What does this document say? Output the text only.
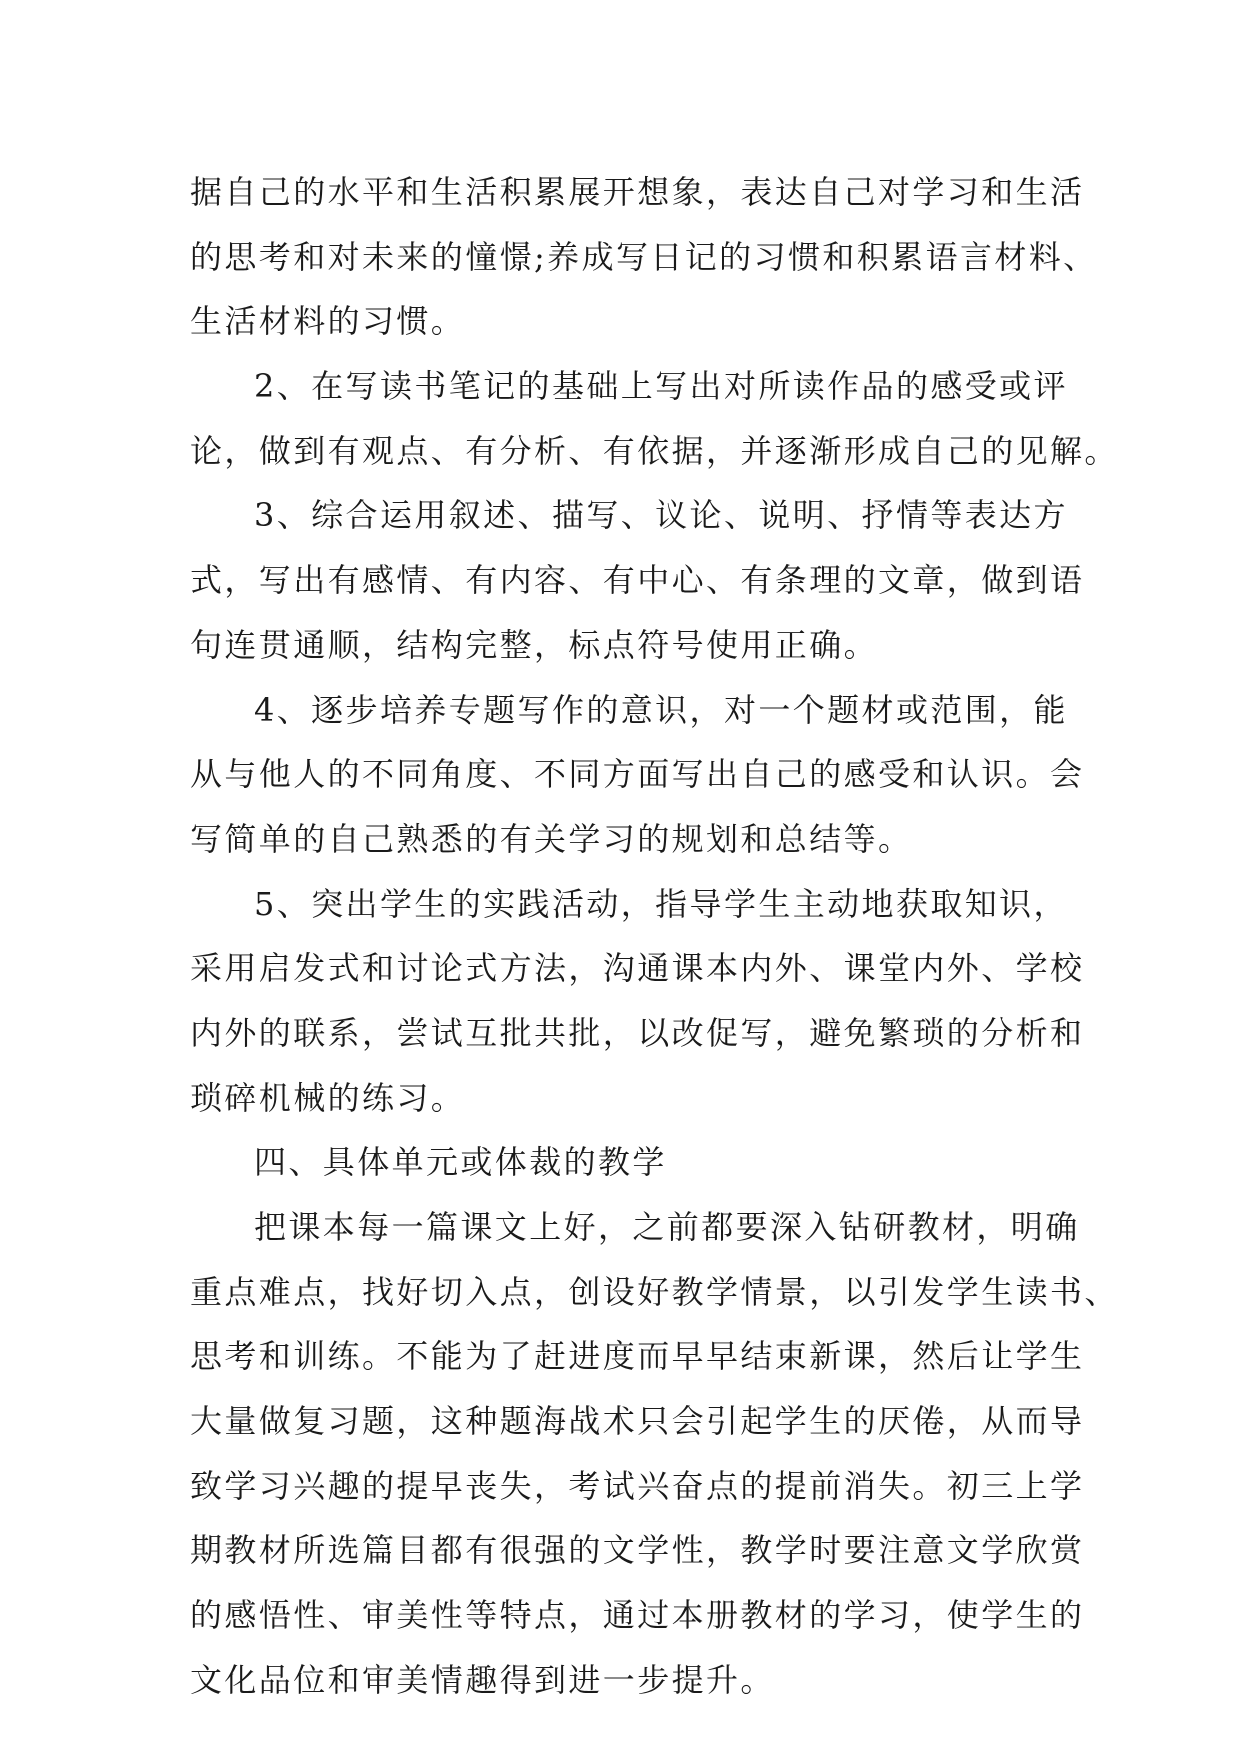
据自己的水平和生活积累展开想象，表达自己对学习和生活
的思考和对未来的憧憬;养成写日记的习惯和积累语言材料、
生活材料的习惯。
2、在写读书笔记的基础上写出对所读作品的感受或评
论，做到有观点、有分析、有依据，并逐渐形成自己的见解。
3、综合运用叙述、描写、议论、说明、抒情等表达方
式，写出有感情、有内容、有中心、有条理的文章，做到语
句连贯通顺，结构完整，标点符号使用正确。
4、逐步培养专题写作的意识，对一个题材或范围，能
从与他人的不同角度、不同方面写出自己的感受和认识。会
写简单的自己熟悉的有关学习的规划和总结等。
5、突出学生的实践活动，指导学生主动地获取知识，
采用启发式和讨论式方法，沟通课本内外、课堂内外、学校
内外的联系，尝试互批共批，以改促写，避免繁琐的分析和
琐碎机械的练习。
四、具体单元或体裁的教学
把课本每一篇课文上好，之前都要深入钻研教材，明确
重点难点，找好切入点，创设好教学情景，以引发学生读书、
思考和训练。不能为了赶进度而早早结束新课，然后让学生
大量做复习题，这种题海战术只会引起学生的厌倦，从而导
致学习兴趣的提早丧失，考试兴奋点的提前消失。初三上学
期教材所选篇目都有很强的文学性，教学时要注意文学欣赏
的感悟性、审美性等特点，通过本册教材的学习，使学生的
文化品位和审美情趣得到进一步提升。
